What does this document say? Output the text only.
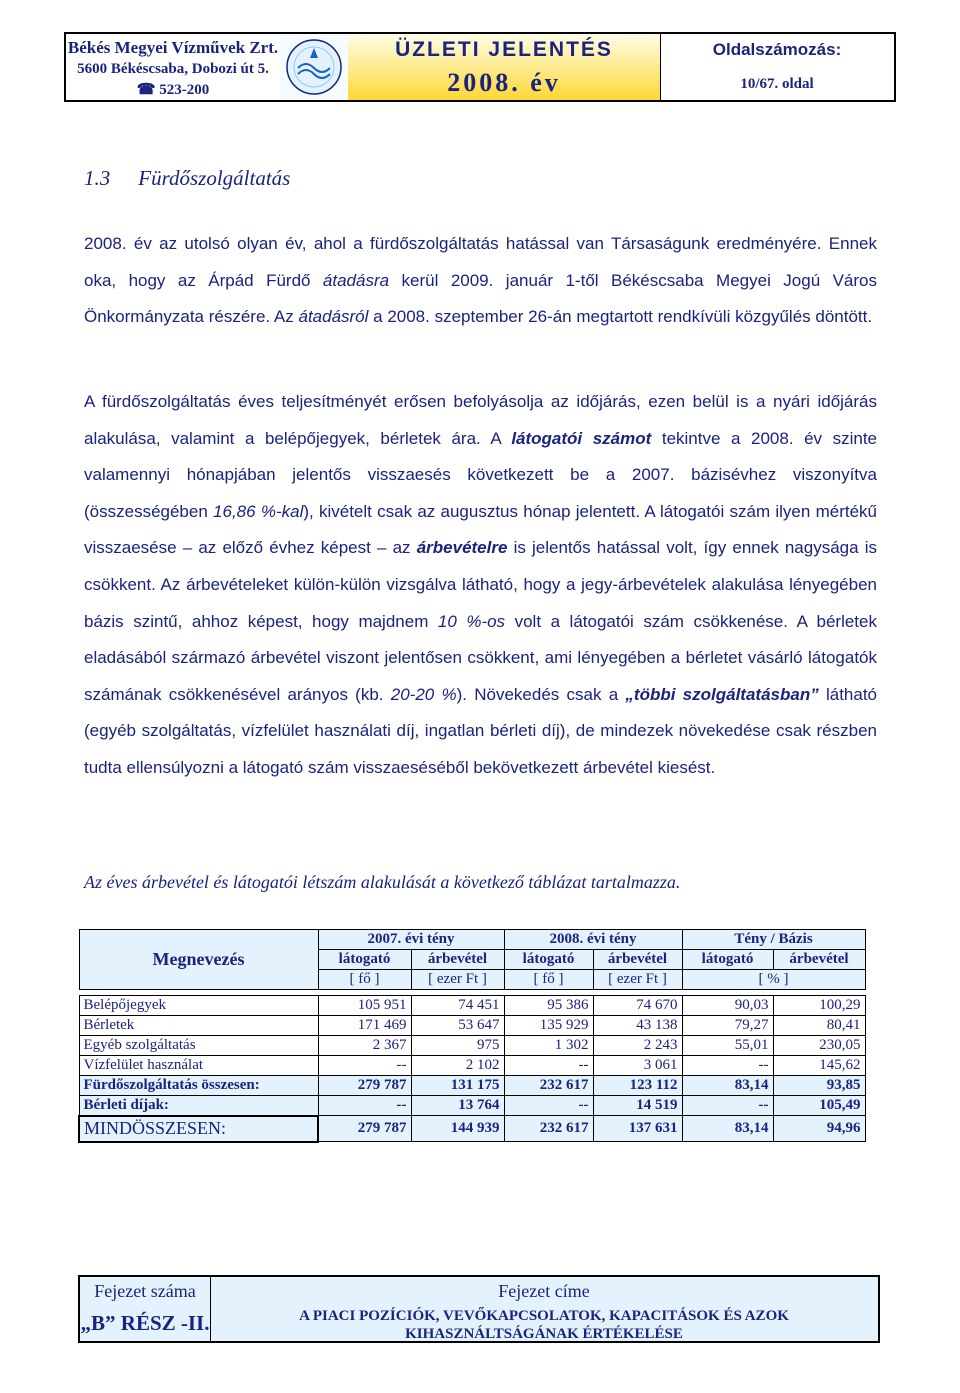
Békés Megyei Vízművek Zrt.
5600 Békéscsaba, Dobozi út 5.
☎ 523-200
ÜZLETI JELENTÉS
2008. év
Oldalszámozás:
10/67. oldal
1.3 Fürdőszolgáltatás
2008. év az utolsó olyan év, ahol a fürdőszolgáltatás hatással van Társaságunk eredményére. Ennek oka, hogy az Árpád Fürdő átadásra kerül 2009. január 1-től Békéscsaba Megyei Jogú Város Önkormányzata részére. Az átadásról a 2008. szeptember 26-án megtartott rendkívüli közgyűlés döntött.
A fürdőszolgáltatás éves teljesítményét erősen befolyásolja az időjárás, ezen belül is a nyári időjárás alakulása, valamint a belépőjegyek, bérletek ára. A látogatói számot tekintve a 2008. év szinte valamennyi hónapjában jelentős visszaesés következett be a 2007. bázisévhez viszonyítva (összességében 16,86 %-kal), kivételt csak az augusztus hónap jelentett. A látogatói szám ilyen mértékű visszaesése – az előző évhez képest – az árbevételre is jelentős hatással volt, így ennek nagysága is csökkent. Az árbevételeket külön-külön vizsgálva látható, hogy a jegy-árbevételek alakulása lényegében bázis szintű, ahhoz képest, hogy majdnem 10 %-os volt a látogatói szám csökkenése. A bérletek eladásából származó árbevétel viszont jelentősen csökkent, ami lényegében a bérletet vásárló látogatók számának csökkenésével arányos (kb. 20-20 %). Növekedés csak a „többi szolgáltatásban” látható (egyéb szolgáltatás, vízfelület használati díj, ingatlan bérleti díj), de mindezek növekedése csak részben tudta ellensúlyozni a látogató szám visszaeséséből bekövetkezett árbevétel kiesést.
Az éves árbevétel és látogatói létszám alakulását a következő táblázat tartalmazza.
Megnevezés	2007. évi tény		2008. évi tény		Tény / Bázis	
	látogató	árbevétel	látogató	árbevétel	látogató	árbevétel
	[ fő ]	[ ezer Ft ]	[ fő ]	[ ezer Ft ]	[ % ]	

Belépőjegyek	105 951	74 451	95 386	74 670	90,03	100,29
Bérletek	171 469	53 647	135 929	43 138	79,27	80,41
Egyéb szolgáltatás	2 367	975	1 302	2 243	55,01	230,05
Vízfelület használat	--	2 102	--	3 061	--	145,62
Fürdőszolgáltatás összesen:	279 787	131 175	232 617	123 112	83,14	93,85
Bérleti díjak:	--	13 764	--	14 519	--	105,49
MINDÖSSZESEN:	279 787	144 939	232 617	137 631	83,14	94,96
Fejezet száma
„B” RÉSZ -II.
Fejezet címe
A PIACI POZÍCIÓK, VEVŐKAPCSOLATOK, KAPACITÁSOK ÉS AZOK
KIHASZNÁLTSÁGÁNAK ÉRTÉKELÉSE
